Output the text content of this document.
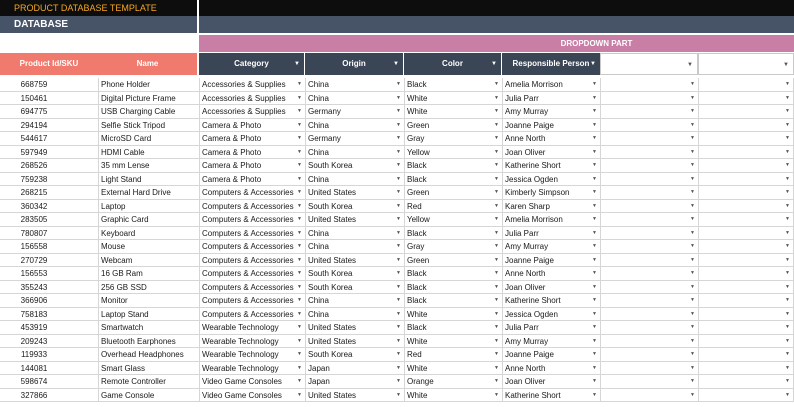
PRODUCT DATABASE TEMPLATE
DATABASE
DROPDOWN PART
Product Id/SKU	Name	Category	▼	Origin	▼	Color	▼	Responsible Person ▼	▼	▼
668759	Phone Holder	Accessories & Supplies ▼ China	▼ Black	▼ Amelia Morrison	▼	▼	▼
150461	Digital Picture Frame	Accessories & Supplies ▼ China	▼ White	▼ Julia Parr	▼	▼	▼
694775	USB Charging Cable	Accessories & Supplies ▼ Germany	▼ White	▼ Amy Murray	▼	▼	▼
294194	Selfie Stick Tripod	Camera & Photo	▼ China	▼ Green	▼ Joanne Paige	▼	▼	▼
544617	MicroSD Card	Camera & Photo	▼ Germany	▼ Gray	▼ Anne North	▼	▼	▼
597949	HDMI Cable	Camera & Photo	▼ China	▼ Yellow	▼ Joan Oliver	▼	▼	▼
268526	35 mm Lense	Camera & Photo	▼ South Korea	▼ Black	▼ Katherine Short	▼	▼	▼
759238	Light Stand	Camera & Photo	▼ China	▼ Black	▼ Jessica Ogden	▼	▼	▼
268215	External Hard Drive	Computers & Accessories ▼ United States	▼ Green	▼ Kimberly Simpson	▼	▼	▼
360342	Laptop	Computers & Accessories ▼ South Korea	▼ Red	▼ Karen Sharp	▼	▼	▼
283505	Graphic Card	Computers & Accessories ▼ United States	▼ Yellow	▼ Amelia Morrison	▼	▼	▼
780807	Keyboard	Computers & Accessories ▼ China	▼ Black	▼ Julia Parr	▼	▼	▼
156558	Mouse	Computers & Accessories ▼ China	▼ Gray	▼ Amy Murray	▼	▼	▼
270729	Webcam	Computers & Accessories ▼ United States	▼ Green	▼ Joanne Paige	▼	▼	▼
156553	16 GB Ram	Computers & Accessories ▼ South Korea	▼ Black	▼ Anne North	▼	▼	▼
355243	256 GB SSD	Computers & Accessories ▼ South Korea	▼ Black	▼ Joan Oliver	▼	▼	▼
366906	Monitor	Computers & Accessories ▼ China	▼ Black	▼ Katherine Short	▼	▼	▼
758183	Laptop Stand	Computers & Accessories ▼ China	▼ White	▼ Jessica Ogden	▼	▼	▼
453919	Smartwatch	Wearable Technology	▼ United States	▼ Black	▼ Julia Parr	▼	▼	▼
209243	Bluetooth Earphones	Wearable Technology	▼ United States	▼ White	▼ Amy Murray	▼	▼	▼
119933	Overhead Headphones	Wearable Technology	▼ South Korea	▼ Red	▼ Joanne Paige	▼	▼	▼
144081	Smart Glass	Wearable Technology	▼ Japan	▼ White	▼ Anne North	▼	▼	▼
598674	Remote Controller	Video Game Consoles	▼ Japan	▼ Orange	▼ Joan Oliver	▼	▼	▼
327866	Game Console	Video Game Consoles	▼ United States	▼ White	▼ Katherine Short	▼	▼	▼
